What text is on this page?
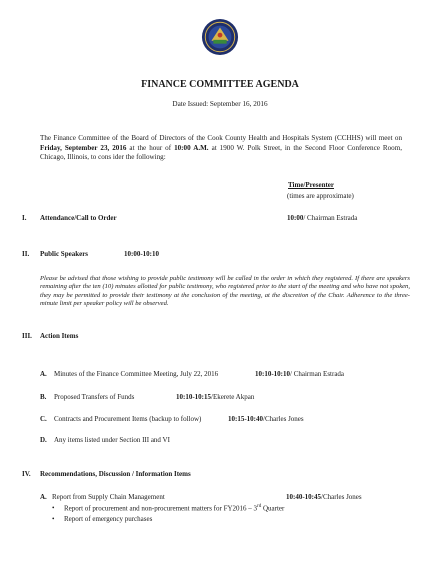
FINANCE COMMITTEE AGENDA
Date Issued: September 16, 2016
The Finance Committee of the Board of Directors of the Cook County Health and Hospitals System (CCHHS) will meet on Friday, September 23, 2016 at the hour of 10:00 A.M. at 1900 W. Polk Street, in the Second Floor Conference Room, Chicago, Illinois, to cons ider the following:
Time/Presenter
(times are approximate)
I. Attendance/Call to Order	10:00/ Chairman Estrada
II. Public Speakers	10:00-10:10
Please be advised that those wishing to provide public testimony will be called in the order in which they registered. If there are speakers remaining after the ten (10) minutes allotted for public testimony, who registered prior to the start of the meeting and who have not spoken, they may be permitted to provide their testimony at the conclusion of the meeting, at the discretion of the Chair. Adherence to the three-minute limit per speaker policy will be observed.
III. Action Items
A. Minutes of the Finance Committee Meeting, July 22, 2016	10:10-10:10/ Chairman Estrada
B. Proposed Transfers of Funds	10:10-10:15/Ekerete Akpan
C. Contracts and Procurement Items (backup to follow)	10:15-10:40/Charles Jones
D. Any items listed under Section III and VI
IV. Recommendations, Discussion / Information Items
A. Report from Supply Chain Management	10:40-10:45/Charles Jones
• Report of procurement and non-procurement matters for FY2016 – 3rd Quarter
• Report of emergency purchases
